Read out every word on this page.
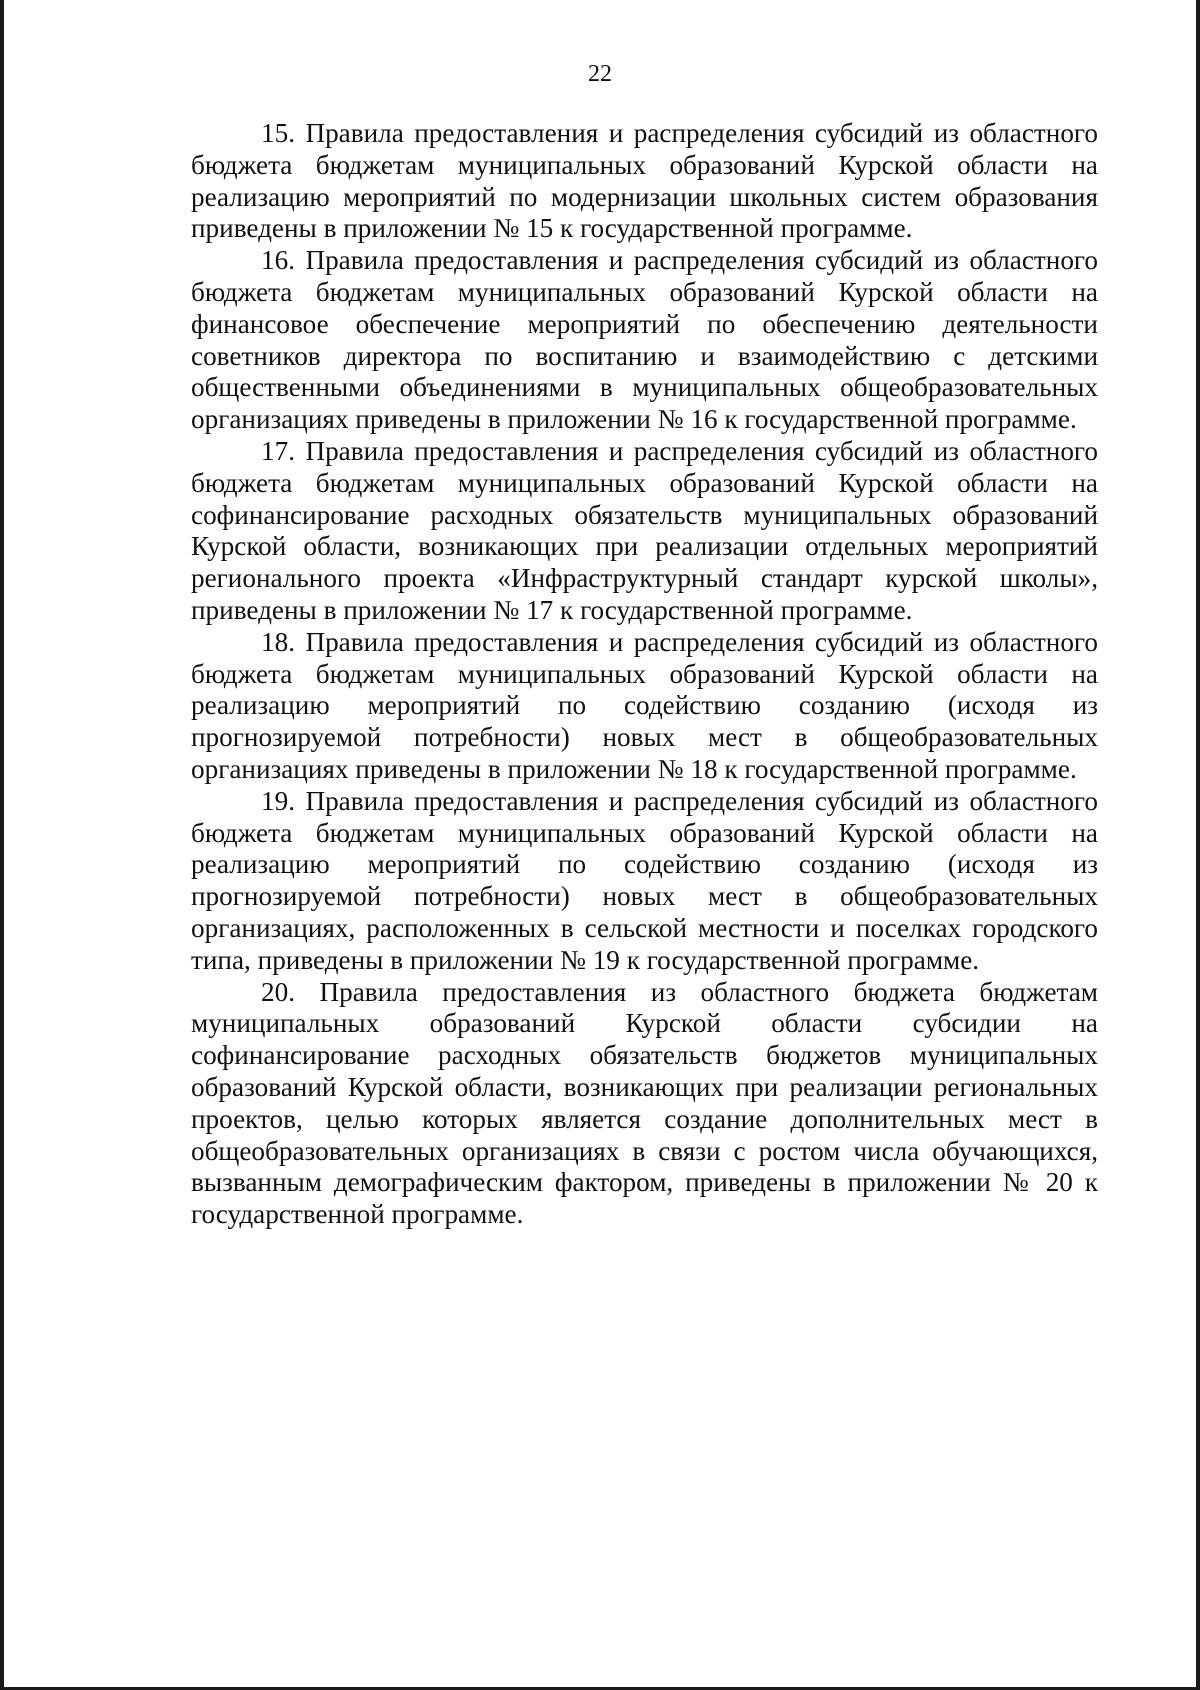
22

15. Правила предоставления и распределения субсидий из областного бюджета бюджетам муниципальных образований Курской области на реализацию мероприятий по модернизации школьных систем образования приведены в приложении № 15 к государственной программе.

16. Правила предоставления и распределения субсидий из областного бюджета бюджетам муниципальных образований Курской области на финансовое обеспечение мероприятий по обеспечению деятельности советников директора по воспитанию и взаимодействию с детскими общественными объединениями в муниципальных общеобразовательных организациях приведены в приложении № 16 к государственной программе.

17. Правила предоставления и распределения субсидий из областного бюджета бюджетам муниципальных образований Курской области на софинансирование расходных обязательств муниципальных образований Курской области, возникающих при реализации отдельных мероприятий регионального проекта «Инфраструктурный стандарт курской школы», приведены в приложении № 17 к государственной программе.

18. Правила предоставления и распределения субсидий из областного бюджета бюджетам муниципальных образований Курской области на реализацию мероприятий по содействию созданию (исходя из прогнозируемой потребности) новых мест в общеобразовательных организациях приведены в приложении № 18 к государственной программе.

19. Правила предоставления и распределения субсидий из областного бюджета бюджетам муниципальных образований Курской области на реализацию мероприятий по содействию созданию (исходя из прогнозируемой потребности) новых мест в общеобразовательных организациях, расположенных в сельской местности и поселках городского типа, приведены в приложении № 19 к государственной программе.

20. Правила предоставления из областного бюджета бюджетам муниципальных образований Курской области субсидии на софинансирование расходных обязательств бюджетов муниципальных образований Курской области, возникающих при реализации региональных проектов, целью которых является создание дополнительных мест в общеобразовательных организациях в связи с ростом числа обучающихся, вызванным демографическим фактором, приведены в приложении № 20 к государственной программе.
